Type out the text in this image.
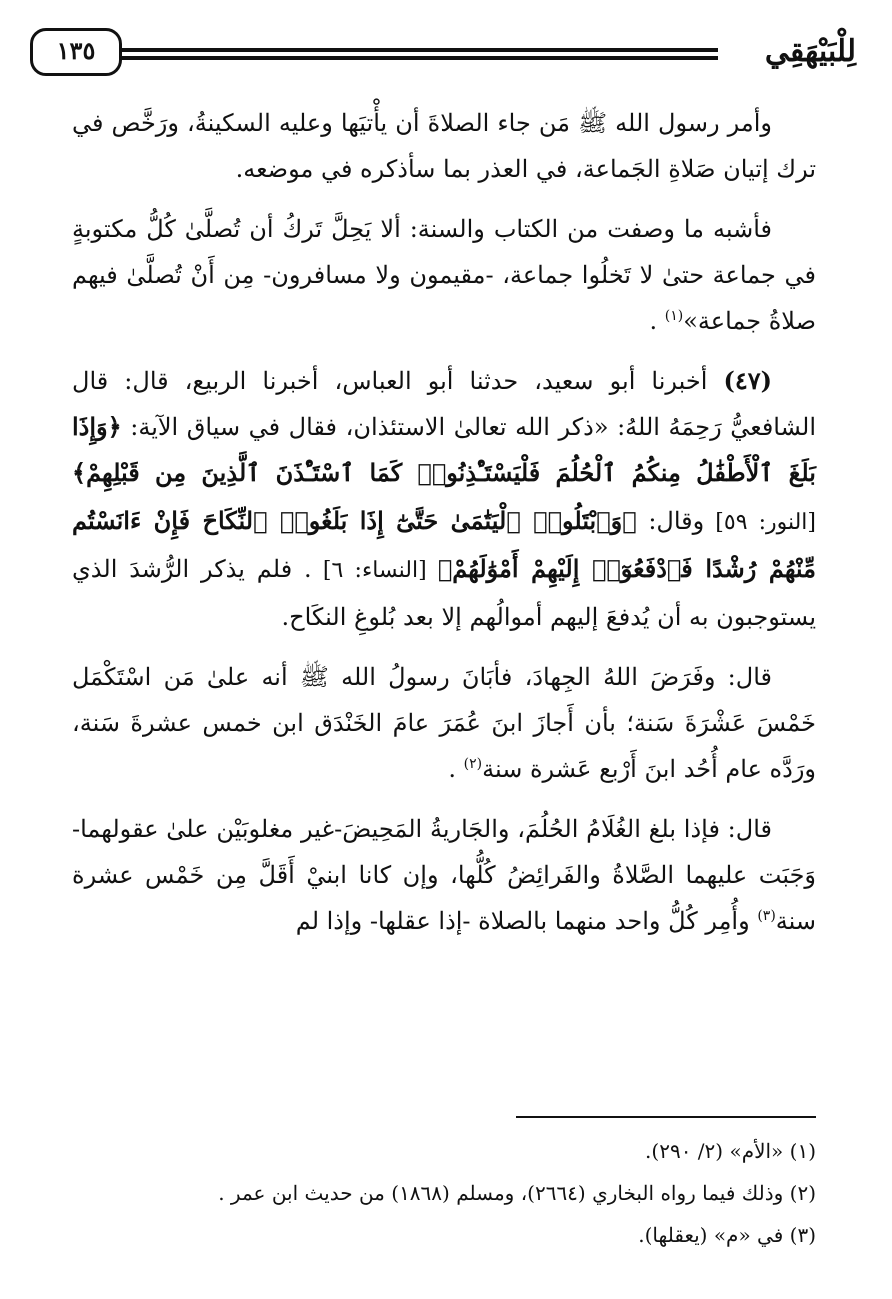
لِلْبَيْهَقِي
١٣٥

وأمر رسول الله ﷺ مَن جاء الصلاةَ أن يأْتيَها وعليه السكينةُ، ورَخَّص في ترك إتيان صَلاةِ الجَماعة، في العذر بما سأذكره في موضعه.

فأشبه ما وصفت من الكتاب والسنة: ألا يَحِلَّ تَركُ أن تُصلَّىٰ كُلُّ مكتوبةٍ في جماعة حتىٰ لا تَخلُوا جماعة، -مقيمون ولا مسافرون- مِن أَنْ تُصلَّىٰ فيهم صلاةُ جماعة»$^{(١)}$ .

(٤٧) أخبرنا أبو سعيد، حدثنا أبو العباس، أخبرنا الربيع، قال: قال الشافعيُّ رَحِمَهُ اللهُ: «ذكر الله تعالىٰ الاستئذان، فقال في سياق الآية: ﴿وَإِذَا بَلَغَ ٱلْأَطْفَٰلُ مِنكُمُ ٱلْحُلُمَ فَلْيَسْتَـْٔذِنُوا۟ كَمَا ٱسْتَـْٔذَنَ ٱلَّذِينَ مِن قَبْلِهِمْ﴾ [النور: ٥٩] وقال: ﴿وَٱبْتَلُوا۟ ٱلْيَتَٰمَىٰ حَتَّىٰٓ إِذَا بَلَغُوا۟ ٱلنِّكَاحَ فَإِنْ ءَانَسْتُم مِّنْهُمْ رُشْدًا فَٱدْفَعُوٓا۟ إِلَيْهِمْ أَمْوَٰلَهُمْ﴾ [النساء: ٦] . فلم يذكر الرُّشدَ الذي يستوجبون به أن يُدفعَ إليهم أموالُهم إلا بعد بُلوغِ النكَاح.

قال: وفَرَضَ اللهُ الجِهادَ، فأبَانَ رسولُ الله ﷺ أنه علىٰ مَن اسْتَكْمَل خَمْسَ عَشْرَةَ سَنة؛ بأن أَجازَ ابنَ عُمَرَ عامَ الخَنْدَق ابن خمس عشرةَ سَنة، ورَدَّه عام أُحُد ابنَ أَرْبع عَشرة سنة$^{(٢)}$ .

قال: فإذا بلغ الغُلَامُ الحُلُمَ، والجَاريةُ المَحِيضَ-غير مغلوبَيْن علىٰ عقولهما- وَجَبَت عليهما الصَّلاةُ والفَرائِضُ كُلُّها، وإن كانا ابنيْ أَقَلَّ مِن خَمْس عشرة سنة$^{(٣)}$ وأُمِر كُلُّ واحد منهما بالصلاة -إذا عقلها- وإذا لم

(١) «الأم» (٢/ ٢٩٠).

(٢) وذلك فيما رواه البخاري (٢٦٦٤)، ومسلم (١٨٦٨) من حديث ابن عمر .

(٣) في «م» (يعقلها).
